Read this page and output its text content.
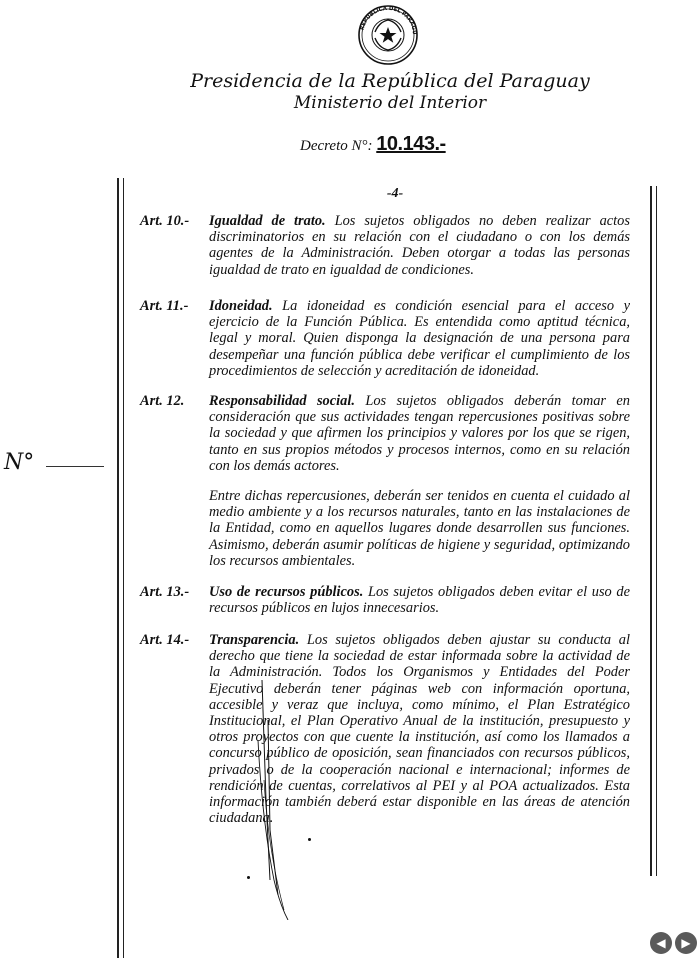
REPUBLICA DEL PARAGU
Presidencia de la República del Paraguay
Ministerio del Interior
Decreto N°: 10.143.-
-4-
N°
Art. 10.- Igualdad de trato. Los sujetos obligados no deben realizar actos discriminatorios en su relación con el ciudadano o con los demás agentes de la Administración. Deben otorgar a todas las personas igualdad de trato en igualdad de condiciones.
Art. 11.- Idoneidad. La idoneidad es condición esencial para el acceso y ejercicio de la Función Pública. Es entendida como aptitud técnica, legal y moral. Quien disponga la designación de una persona para desempeñar una función pública debe verificar el cumplimiento de los procedimientos de selección y acreditación de idoneidad.
Art. 12. Responsabilidad social. Los sujetos obligados deberán tomar en consideración que sus actividades tengan repercusiones positivas sobre la sociedad y que afirmen los principios y valores por los que se rigen, tanto en sus propios métodos y procesos internos, como en su relación con los demás actores.
Entre dichas repercusiones, deberán ser tenidos en cuenta el cuidado al medio ambiente y a los recursos naturales, tanto en las instalaciones de la Entidad, como en aquellos lugares donde desarrollen sus funciones. Asimismo, deberán asumir políticas de higiene y seguridad, optimizando los recursos ambientales.
Art. 13.- Uso de recursos públicos. Los sujetos obligados deben evitar el uso de recursos públicos en lujos innecesarios.
Art. 14.- Transparencia. Los sujetos obligados deben ajustar su conducta al derecho que tiene la sociedad de estar informada sobre la actividad de la Administración. Todos los Organismos y Entidades del Poder Ejecutivo deberán tener páginas web con información oportuna, accesible y veraz que incluya, como mínimo, el Plan Estratégico Institucional, el Plan Operativo Anual de la institución, presupuesto y otros proyectos con que cuente la institución, así como los llamados a concurso público de oposición, sean financiados con recursos públicos, privados o de la cooperación nacional e internacional; informes de rendición de cuentas, correlativos al PEI y al POA actualizados. Esta información también deberá estar disponible en las áreas de atención ciudadana.
◀	▶
